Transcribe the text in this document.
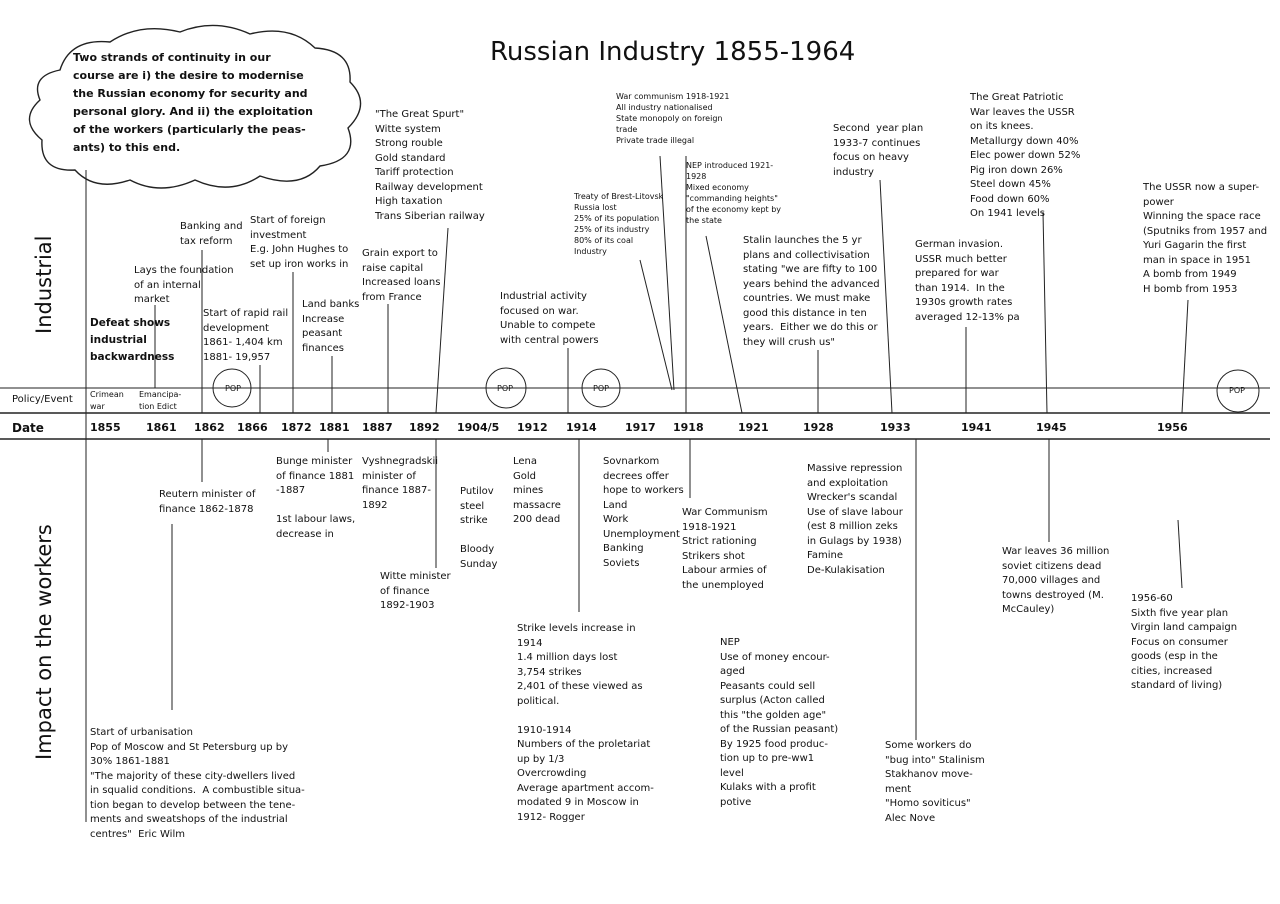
Russian Industry 1855-1964
Two strands of continuity in our
course are i) the desire to modernise
the Russian economy for security and
personal glory. And ii) the exploitation
of the workers (particularly the peas-
ants) to this end.
Industrial
Impact on the workers
Policy/Event
Date
POP	POP	POP	POP
Crimean
war
Emancipa-
tion Edict
1855 1861 1862 1866 1872 1881 1887 1892 1904/5 1912 1914	1917 1918	1921	1928	1933	1941	1945	1956
Defeat shows
industrial
backwardness
Lays the foundation
of an internal
market
Banking and
tax reform
Start of rapid rail
development
1861- 1,404 km
1881- 19,957
Start of foreign
investment
E.g. John Hughes to
set up iron works in
Land banks
Increase
peasant
finances
Grain export to
raise capital
Increased loans
from France
"The Great Spurt"
Witte system
Strong rouble
Gold standard
Tariff protection
Railway development
High taxation
Trans Siberian railway
Industrial activity
focused on war.
Unable to compete
with central powers
Treaty of Brest-Litovsk
Russia lost
25% of its population
25% of its industry
80% of its coal
Industry
War communism 1918-1921
All industry nationalised
State monopoly on foreign
trade
Private trade illegal
NEP introduced 1921-
1928
Mixed economy
"commanding heights"
of the economy kept by
the state
Stalin launches the 5 yr
plans and collectivisation
stating "we are fifty to 100
years behind the advanced
countries. We must make
good this distance in ten
years.  Either we do this or
they will crush us"
Second  year plan
1933-7 continues
focus on heavy
industry
German invasion.
USSR much better
prepared for war
than 1914.  In the
1930s growth rates
averaged 12-13% pa
The Great Patriotic
War leaves the USSR
on its knees.
Metallurgy down 40%
Elec power down 52%
Pig iron down 26%
Steel down 45%
Food down 60%
On 1941 levels
The USSR now a super-
power
Winning the space race
(Sputniks from 1957 and
Yuri Gagarin the first
man in space in 1951
A bomb from 1949
H bomb from 1953
Start of urbanisation
Pop of Moscow and St Petersburg up by
30% 1861-1881
"The majority of these city-dwellers lived
in squalid conditions.  A combustible situa-
tion began to develop between the tene-
ments and sweatshops of the industrial
centres"  Eric Wilm
Reutern minister of
finance 1862-1878
Bunge minister
of finance 1881
-1887

1st labour laws,
decrease in
Vyshnegradskii
minister of
finance 1887-
1892
Witte minister
of finance
1892-1903
Putilov
steel
strike

Bloody
Sunday
Lena
Gold
mines
massacre
200 dead
Strike levels increase in
1914
1.4 million days lost
3,754 strikes
2,401 of these viewed as
political.

1910-1914
Numbers of the proletariat
up by 1/3
Overcrowding
Average apartment accom-
modated 9 in Moscow in
1912- Rogger
Sovnarkom
decrees offer
hope to workers
Land
Work
Unemployment
Banking
Soviets
War Communism
1918-1921
Strict rationing
Strikers shot
Labour armies of
the unemployed
NEP
Use of money encour-
aged
Peasants could sell
surplus (Acton called
this "the golden age"
of the Russian peasant)
By 1925 food produc-
tion up to pre-ww1
level
Kulaks with a profit
potive
Massive repression
and exploitation
Wrecker's scandal
Use of slave labour
(est 8 million zeks
in Gulags by 1938)
Famine
De-Kulakisation
Some workers do
"bug into" Stalinism
Stakhanov move-
ment
"Homo soviticus"
Alec Nove
War leaves 36 million
soviet citizens dead
70,000 villages and
towns destroyed (M.
McCauley)
1956-60
Sixth five year plan
Virgin land campaign
Focus on consumer
goods (esp in the
cities, increased
standard of living)
